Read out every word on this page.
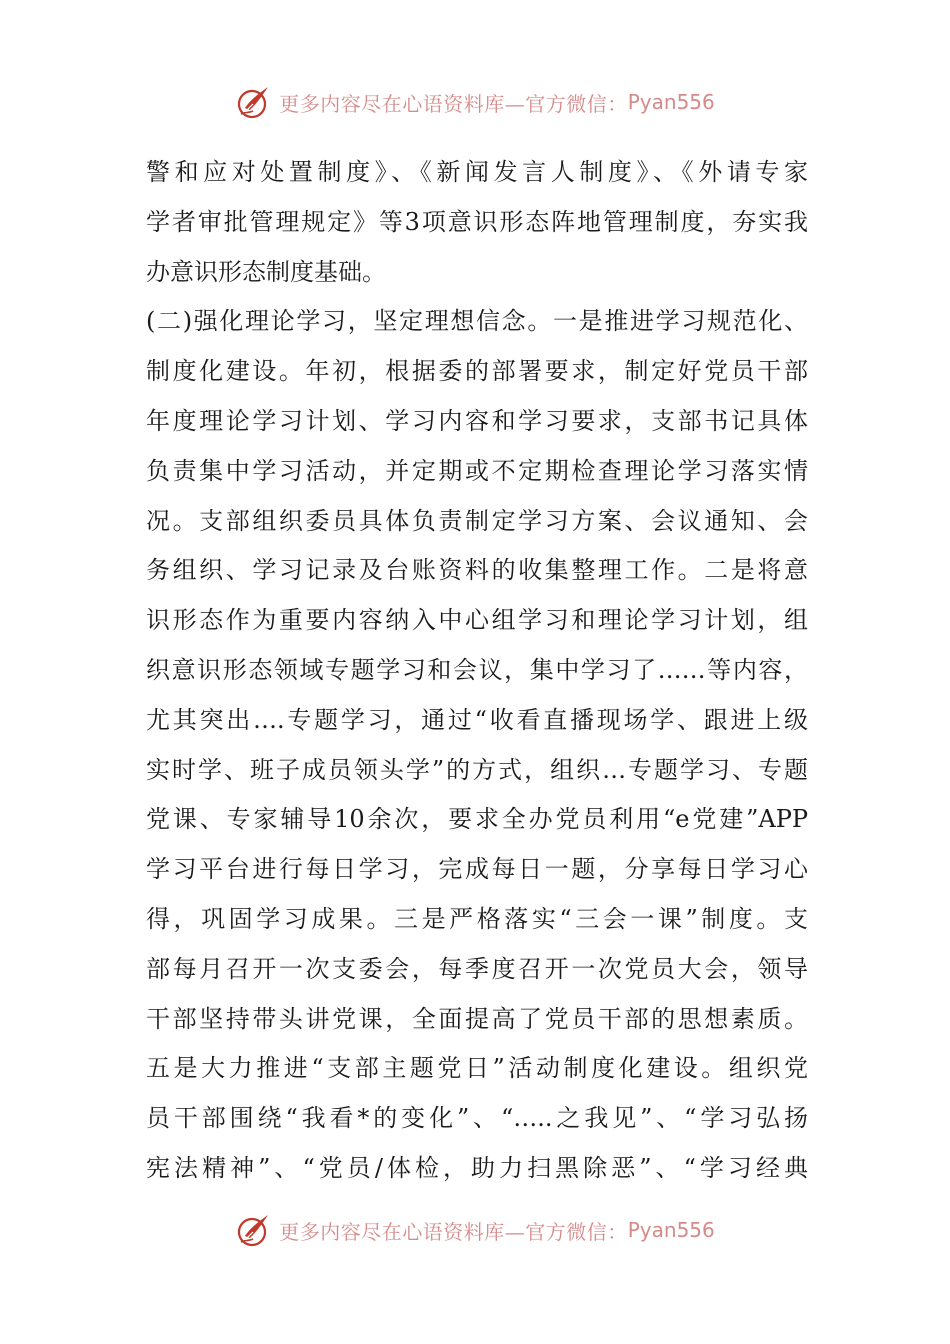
更多内容尽在心语资料库—官方微信： Pyan556
警和应对处置制度》、《新闻发言人制度》、《外请专家
学者审批管理规定》等3项意识形态阵地管理制度，夯实我
办意识形态制度基础。
(二)强化理论学习，坚定理想信念。一是推进学习规范化、
制度化建设。年初，根据委的部署要求，制定好党员干部
年度理论学习计划、学习内容和学习要求，支部书记具体
负责集中学习活动，并定期或不定期检查理论学习落实情
况。支部组织委员具体负责制定学习方案、会议通知、会
务组织、学习记录及台账资料的收集整理工作。二是将意
识形态作为重要内容纳入中心组学习和理论学习计划，组
织意识形态领域专题学习和会议，集中学习了……等内容，
尤其突出….专题学习，通过“收看直播现场学、跟进上级
实时学、班子成员领头学”的方式，组织…专题学习、专题
党课、专家辅导10余次，要求全办党员利用“e党建”APP
学习平台进行每日学习，完成每日一题，分享每日学习心
得，巩固学习成果。三是严格落实“三会一课”制度。支
部每月召开一次支委会，每季度召开一次党员大会，领导
干部坚持带头讲党课，全面提高了党员干部的思想素质。
五是大力推进“支部主题党日”活动制度化建设。组织党
员干部围绕“我看*的变化”、“…..之我见”、“学习弘扬
宪法精神”、“党员/体检，助力扫黑除恶”、“学习经典
更多内容尽在心语资料库—官方微信： Pyan556
